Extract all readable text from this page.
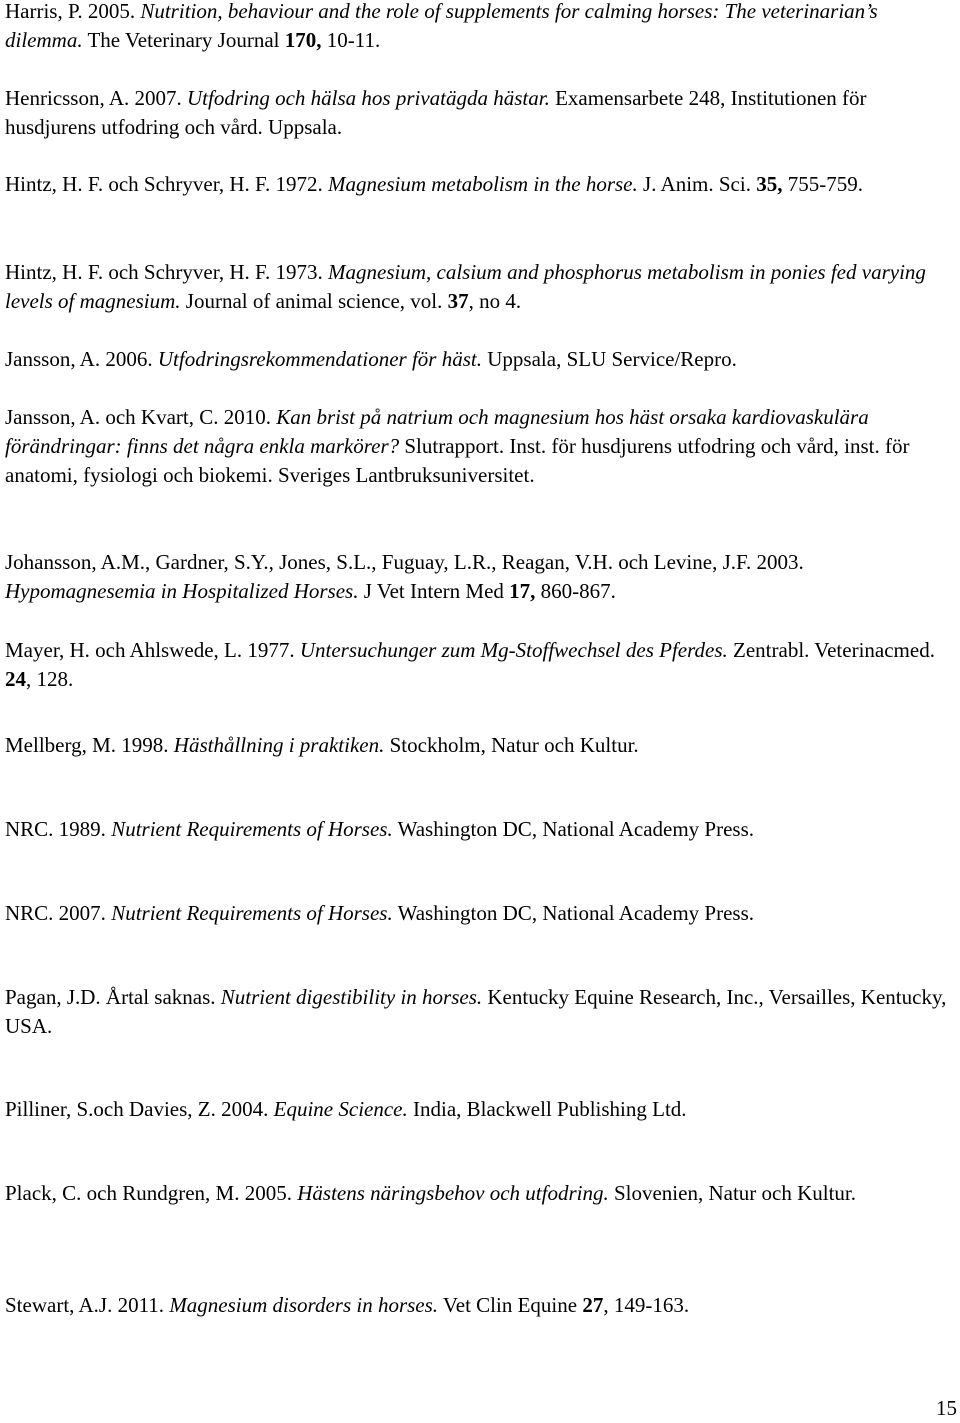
Harris, P. 2005. Nutrition, behaviour and the role of supplements for calming horses: The veterinarian’s dilemma. The Veterinary Journal 170, 10-11.

Henricsson, A. 2007. Utfodring och hälsa hos privatägda hästar. Examensarbete 248, Institutionen för husdjurens utfodring och vård. Uppsala.

Hintz, H. F. och Schryver, H. F. 1972. Magnesium metabolism in the horse. J. Anim. Sci. 35, 755-759.

Hintz, H. F. och Schryver, H. F. 1973. Magnesium, calsium and phosphorus metabolism in ponies fed varying levels of magnesium. Journal of animal science, vol. 37, no 4.

Jansson, A. 2006. Utfodringsrekommendationer för häst. Uppsala, SLU Service/Repro.

Jansson, A. och Kvart, C. 2010. Kan brist på natrium och magnesium hos häst orsaka kardiovaskulära förändringar: finns det några enkla markörer? Slutrapport. Inst. för husdjurens utfodring och vård, inst. för anatomi, fysiologi och biokemi. Sveriges Lantbruksuniversitet.

Johansson, A.M., Gardner, S.Y., Jones, S.L., Fuguay, L.R., Reagan, V.H. och Levine, J.F. 2003. Hypomagnesemia in Hospitalized Horses. J Vet Intern Med 17, 860-867.

Mayer, H. och Ahlswede, L. 1977. Untersuchunger zum Mg-Stoffwechsel des Pferdes. Zentrabl. Veterinacmed. 24, 128.

Mellberg, M. 1998. Hästhållning i praktiken. Stockholm, Natur och Kultur.

NRC. 1989. Nutrient Requirements of Horses. Washington DC, National Academy Press.

NRC. 2007. Nutrient Requirements of Horses. Washington DC, National Academy Press.

Pagan, J.D. Årtal saknas. Nutrient digestibility in horses. Kentucky Equine Research, Inc., Versailles, Kentucky, USA.

Pilliner, S.och Davies, Z. 2004. Equine Science. India, Blackwell Publishing Ltd.

Plack, C. och Rundgren, M. 2005. Hästens näringsbehov och utfodring. Slovenien, Natur och Kultur.

Stewart, A.J. 2011. Magnesium disorders in horses. Vet Clin Equine 27, 149-163.

15
